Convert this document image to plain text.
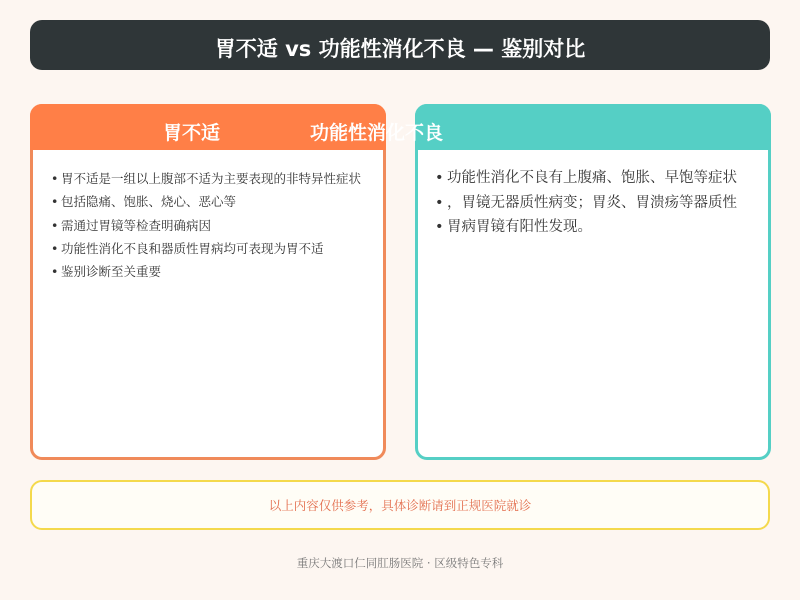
胃不适 vs 功能性消化不良 — 鉴别对比
胃不适	功能性消化不良
• 胃不适是一组以上腹部不适为主要表现的非特异性症状
• 包括隐痛、饱胀、烧心、恶心等
• 需通过胃镜等检查明确病因
• 功能性消化不良和器质性胃病均可表现为胃不适
• 鉴别诊断至关重要
• 功能性消化不良有上腹痛、饱胀、早饱等症状
• ，胃镜无器质性病变；胃炎、胃溃疡等器质性
• 胃病胃镜有阳性发现。
以上内容仅供参考，具体诊断请到正规医院就诊
重庆大渡口仁同肛肠医院 · 区级特色专科
